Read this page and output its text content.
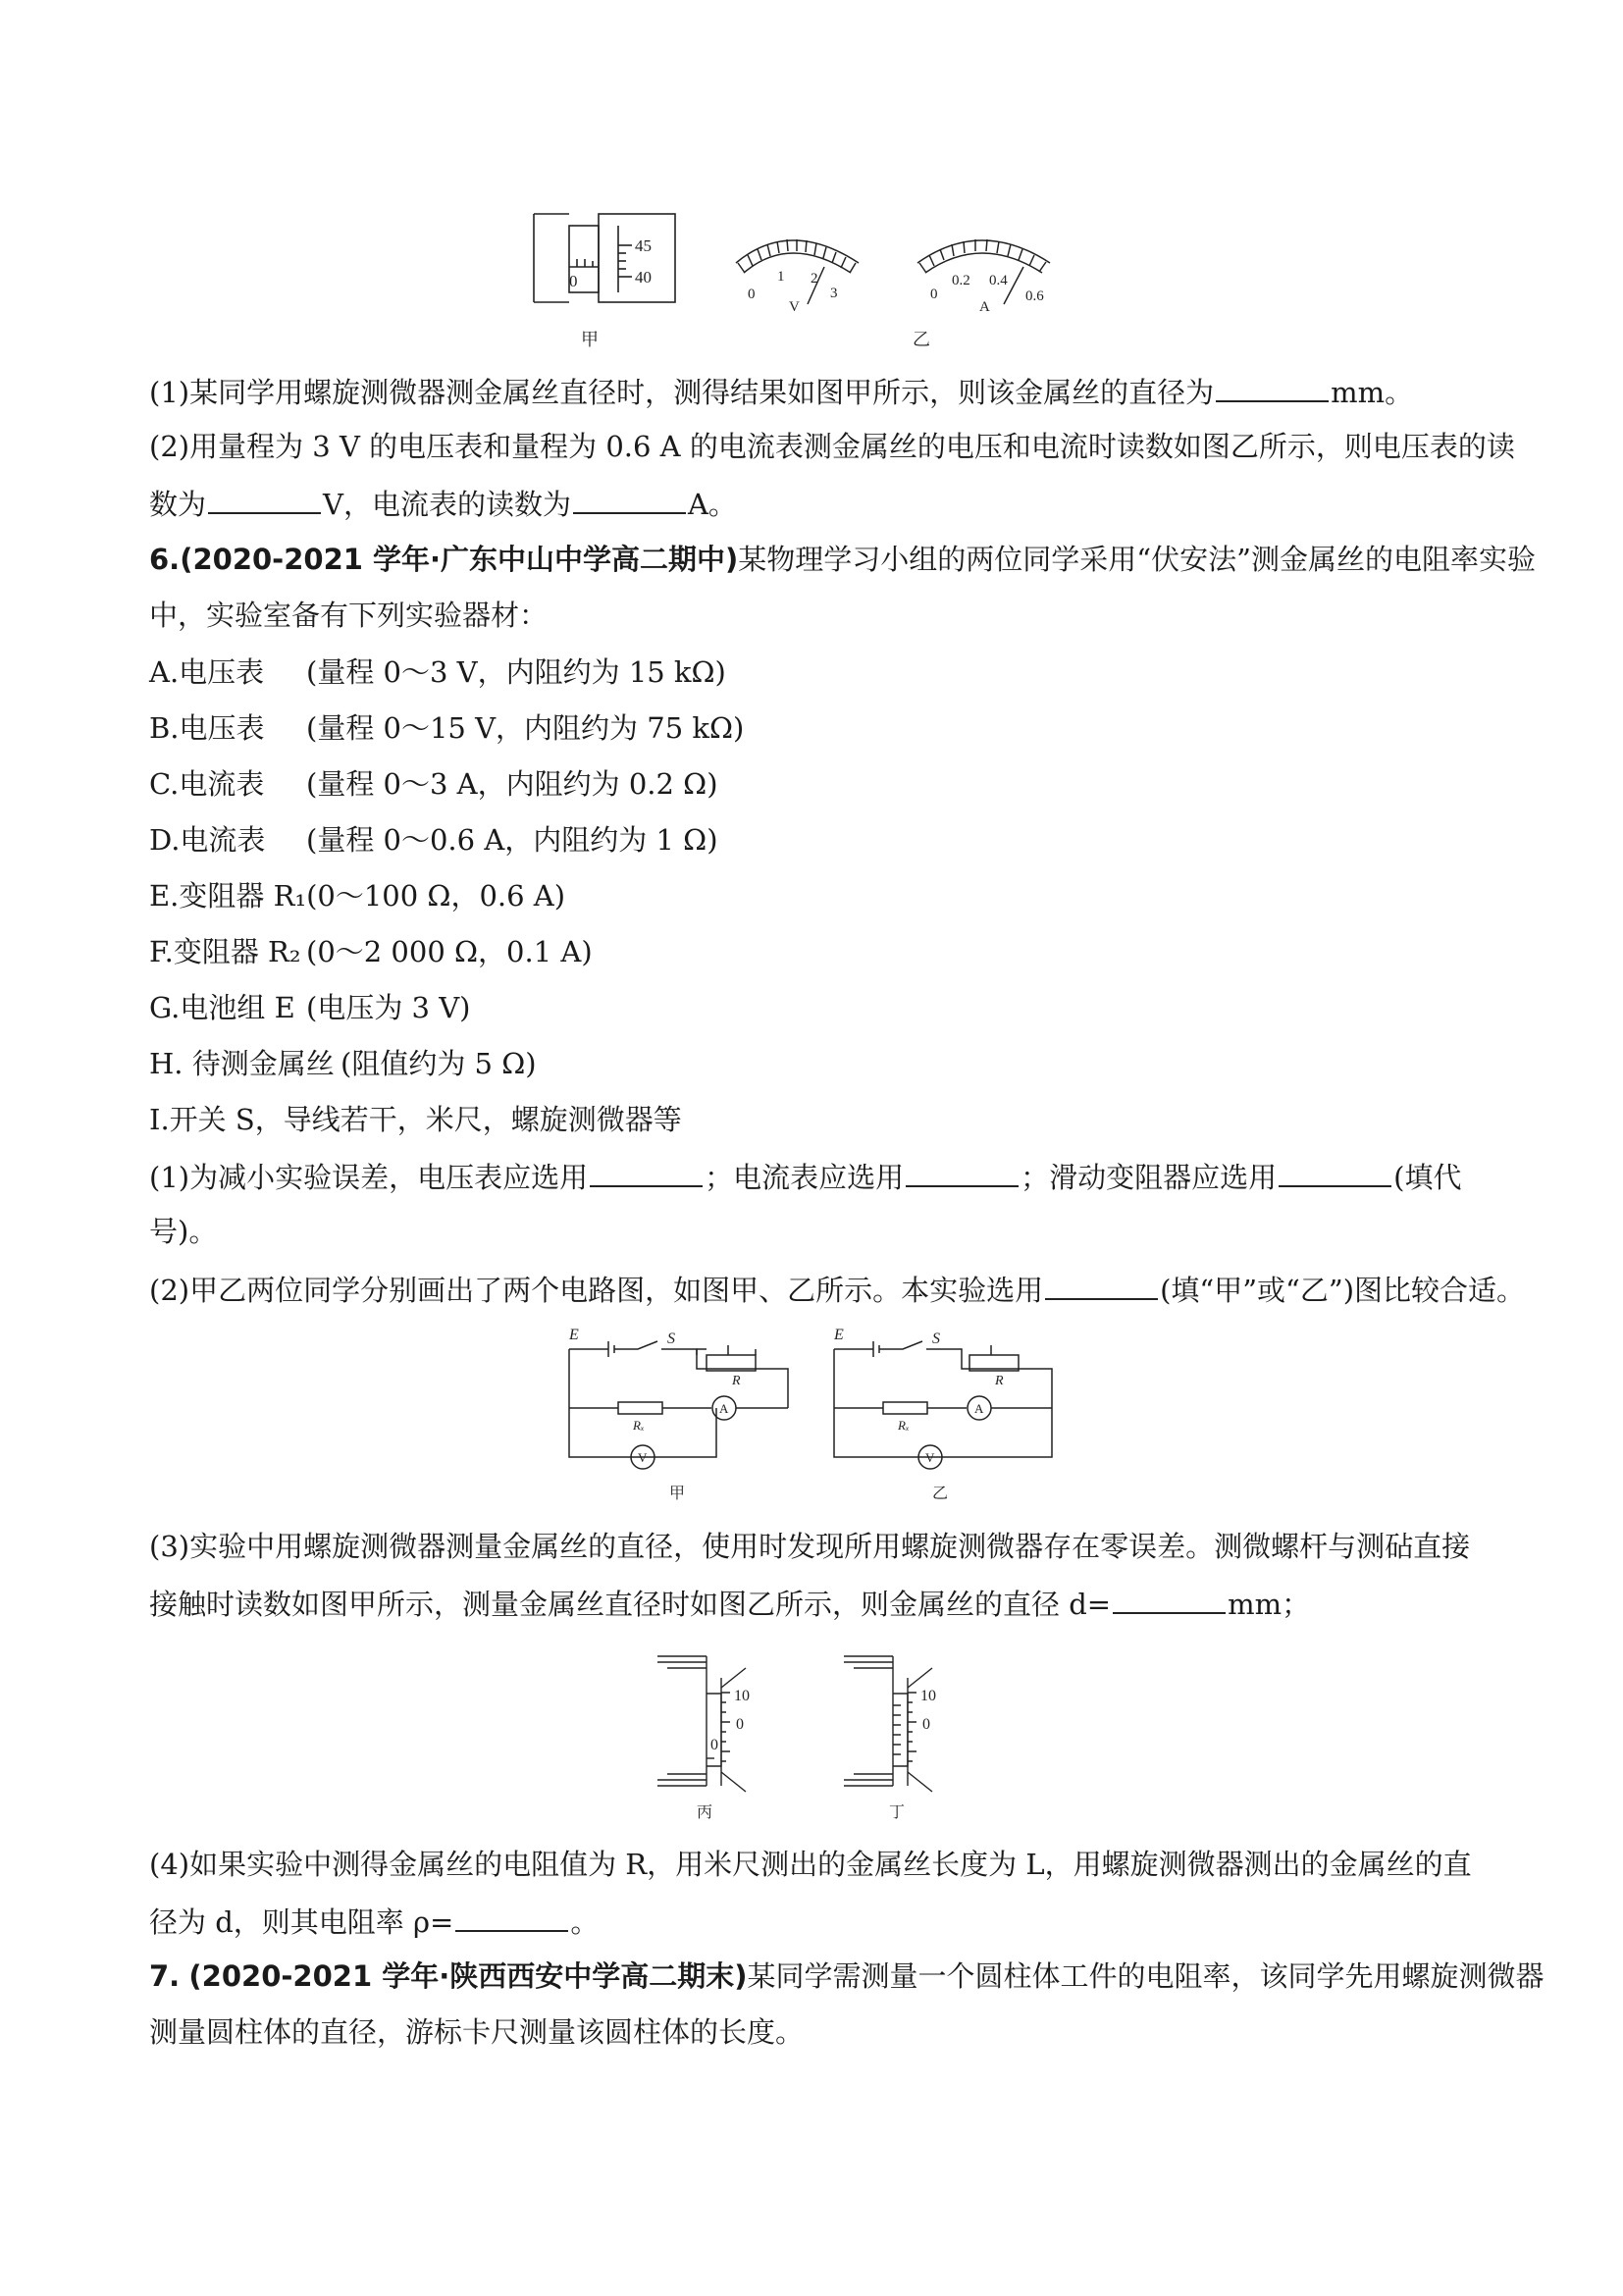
45
40
0
甲
0
1 2
3
V
0
0.2 0.4
0.6
A
乙
(1)某同学用螺旋测微器测金属丝直径时，测得结果如图甲所示，则该金属丝的直径为	mm。
(2)用量程为 3 V 的电压表和量程为 0.6 A 的电流表测金属丝的电压和电流时读数如图乙所示，则电压表的读
数为	V，电流表的读数为	A。
6.(2020-2021 学年·广东中山中学高二期中)某物理学习小组的两位同学采用“伏安法”测金属丝的电阻率实验
中，实验室备有下列实验器材：
A.电压表 (量程 0～3 V，内阻约为 15 kΩ)
B.电压表 (量程 0～15 V，内阻约为 75 kΩ)
C.电流表 (量程 0～3 A，内阻约为 0.2 Ω)
D.电流表 (量程 0～0.6 A，内阻约为 1 Ω)
E.变阻器 R₁(0～100 Ω，0.6 A)
F.变阻器 R₂ (0～2 000 Ω，0.1 A)
G.电池组 E (电压为 3 V)
H. 待测金属丝 (阻值约为 5 Ω)
I.开关 S，导线若干，米尺，螺旋测微器等
(1)为减小实验误差，电压表应选用	；电流表应选用	；滑动变阻器应选用	(填代
号)。
(2)甲乙两位同学分别画出了两个电路图，如图甲、乙所示。本实验选用	(填“甲”或“乙”)图比较合适。
E	S
R
Rₓ
A
V
甲
E	S
R
Rₓ
A
V
乙
(3)实验中用螺旋测微器测量金属丝的直径，使用时发现所用螺旋测微器存在零误差。测微螺杆与测砧直接
接触时读数如图甲所示，测量金属丝直径时如图乙所示，则金属丝的直径 d=	mm；
10
0
0
丙
10
0
丁
(4)如果实验中测得金属丝的电阻值为 R，用米尺测出的金属丝长度为 L，用螺旋测微器测出的金属丝的直
径为 d，则其电阻率 ρ=	。
7. (2020-2021 学年·陕西西安中学高二期末)某同学需测量一个圆柱体工件的电阻率，该同学先用螺旋测微器
测量圆柱体的直径，游标卡尺测量该圆柱体的长度。
